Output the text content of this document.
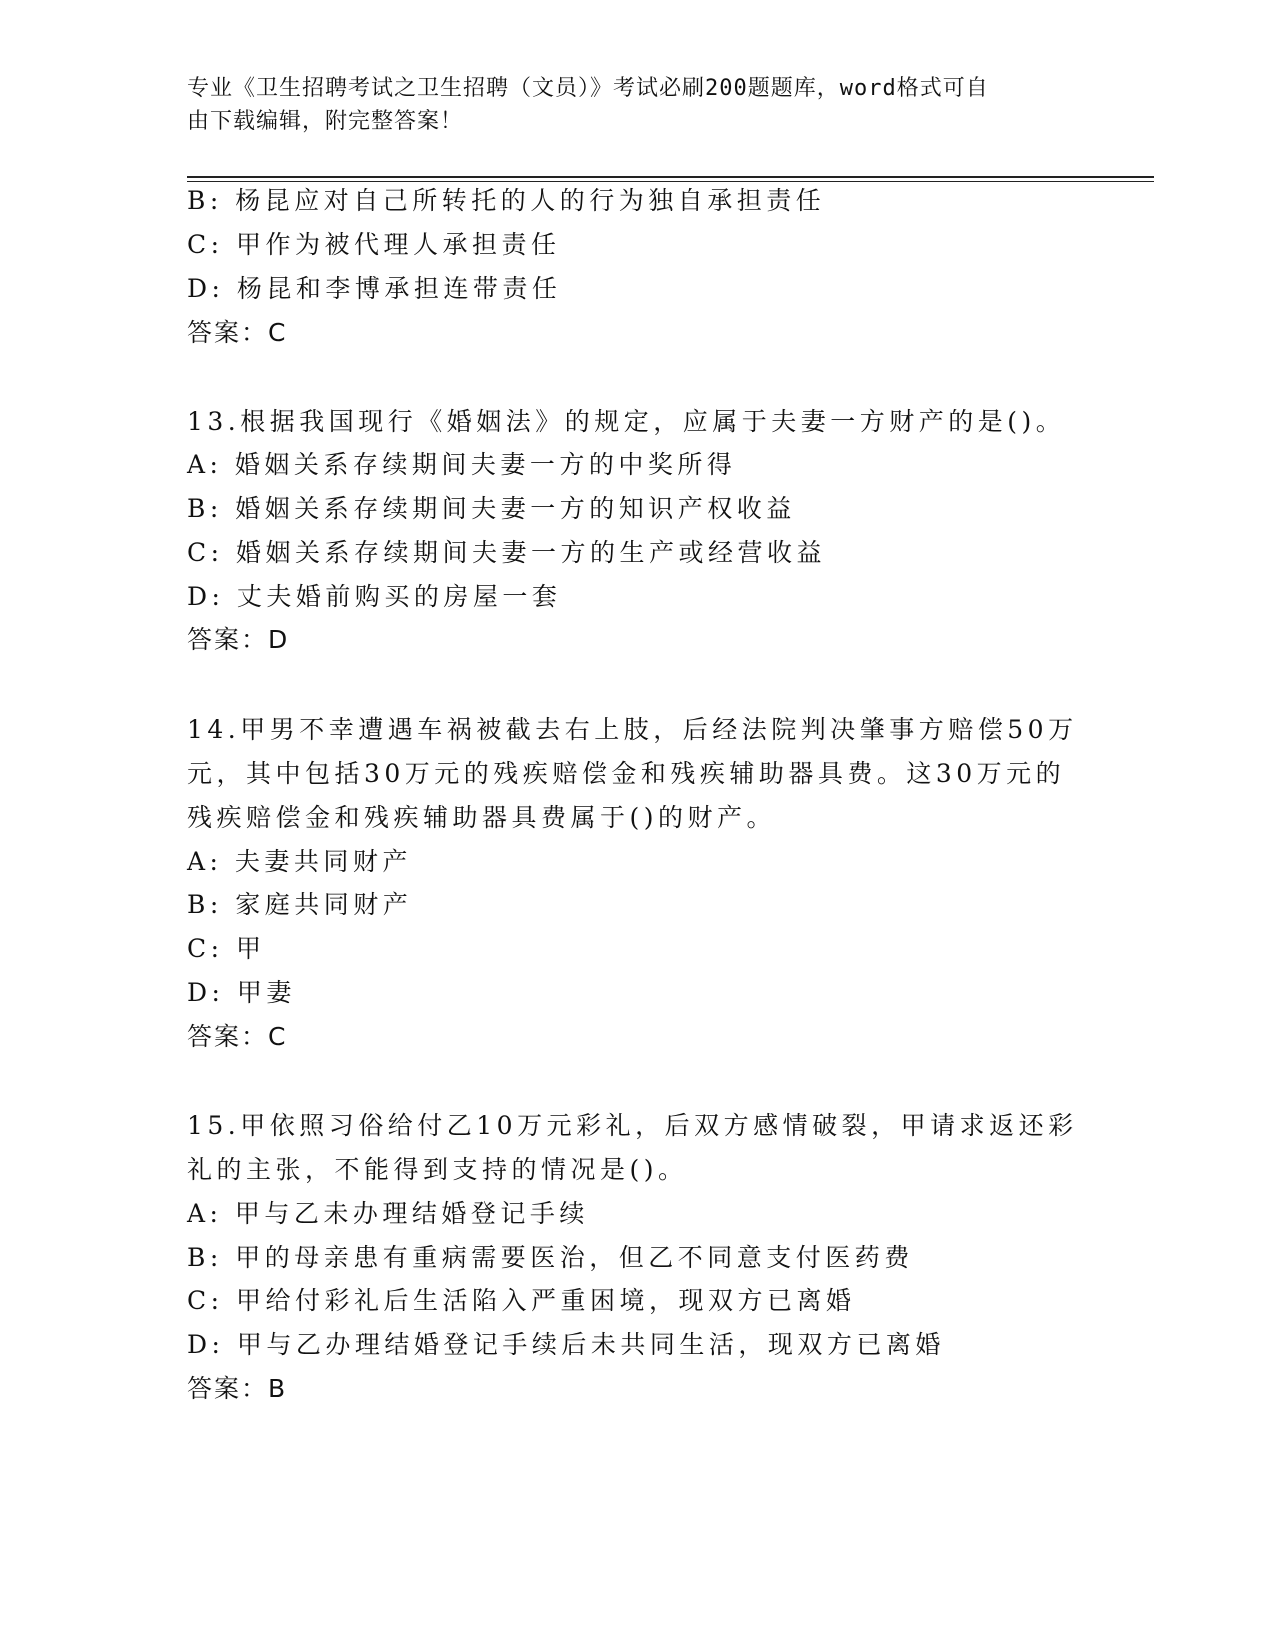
专业《卫生招聘考试之卫生招聘（文员）》考试必刷200题题库，word格式可自
由下载编辑，附完整答案！
B: 杨昆应对自己所转托的人的行为独自承担责任
C: 甲作为被代理人承担责任
D: 杨昆和李博承担连带责任
答案：C
13.根据我国现行《婚姻法》的规定，应属于夫妻一方财产的是()。
A: 婚姻关系存续期间夫妻一方的中奖所得
B: 婚姻关系存续期间夫妻一方的知识产权收益
C: 婚姻关系存续期间夫妻一方的生产或经营收益
D: 丈夫婚前购买的房屋一套
答案：D
14.甲男不幸遭遇车祸被截去右上肢，后经法院判决肇事方赔偿50万
元，其中包括30万元的残疾赔偿金和残疾辅助器具费。这30万元的
残疾赔偿金和残疾辅助器具费属于()的财产。
A: 夫妻共同财产
B: 家庭共同财产
C: 甲
D: 甲妻
答案：C
15.甲依照习俗给付乙10万元彩礼，后双方感情破裂，甲请求返还彩
礼的主张，不能得到支持的情况是()。
A: 甲与乙未办理结婚登记手续
B: 甲的母亲患有重病需要医治，但乙不同意支付医药费
C: 甲给付彩礼后生活陷入严重困境，现双方已离婚
D: 甲与乙办理结婚登记手续后未共同生活，现双方已离婚
答案：B
